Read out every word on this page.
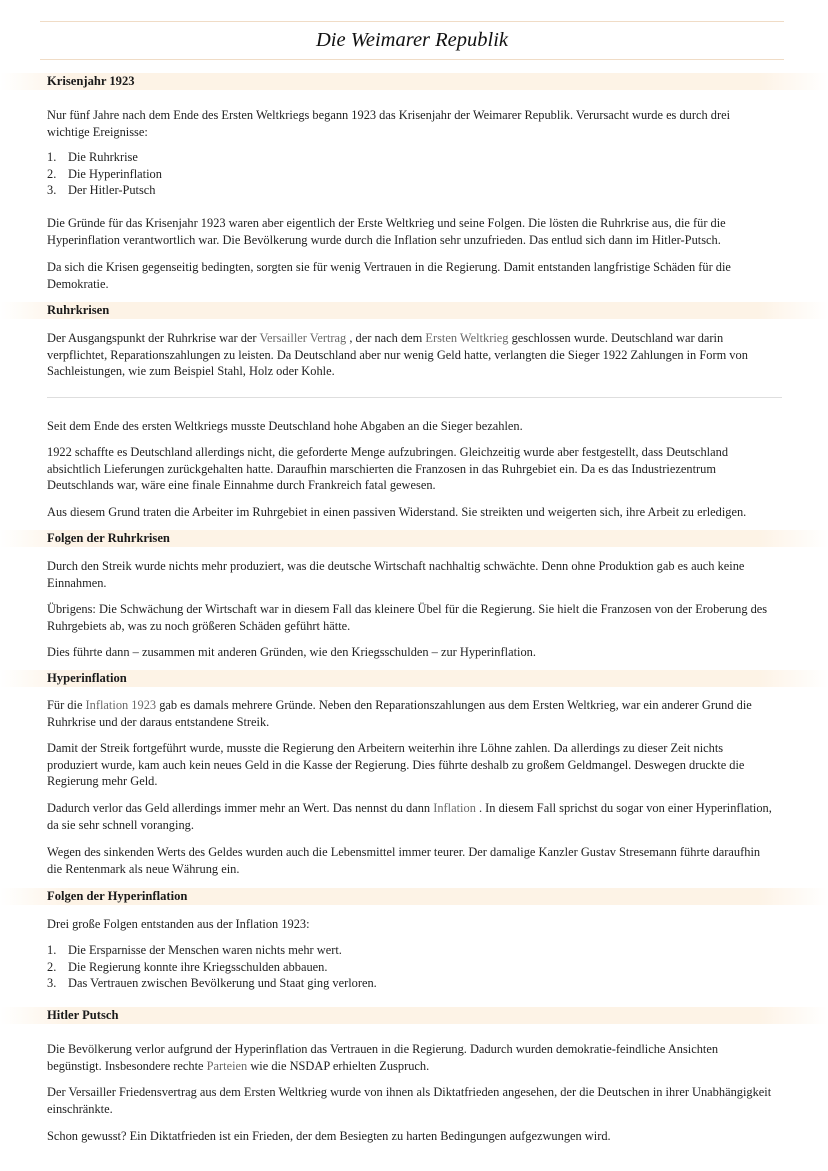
Die Weimarer Republik
Krisenjahr 1923

Nur fünf Jahre nach dem Ende des Ersten Weltkriegs begann 1923 das Krisenjahr der Weimarer Republik. Verursacht wurde es durch drei wichtige Ereignisse:

1. Die Ruhrkrise
2. Die Hyperinflation
3. Der Hitler-Putsch

Die Gründe für das Krisenjahr 1923 waren aber eigentlich der Erste Weltkrieg und seine Folgen. Die lösten die Ruhrkrise aus, die für die Hyperinflation verantwortlich war. Die Bevölkerung wurde durch die Inflation sehr unzufrieden. Das entlud sich dann im Hitler-Putsch.

Da sich die Krisen gegenseitig bedingten, sorgten sie für wenig Vertrauen in die Regierung. Damit entstanden langfristige Schäden für die Demokratie.

Ruhrkrisen

Der Ausgangspunkt der Ruhrkrise war der Versailler Vertrag , der nach dem Ersten Weltkrieg geschlossen wurde. Deutschland war darin verpflichtet, Reparationszahlungen zu leisten. Da Deutschland aber nur wenig Geld hatte, verlangten die Sieger 1922 Zahlungen in Form von Sachleistungen, wie zum Beispiel Stahl, Holz oder Kohle.

Seit dem Ende des ersten Weltkriegs musste Deutschland hohe Abgaben an die Sieger bezahlen.

1922 schaffte es Deutschland allerdings nicht, die geforderte Menge aufzubringen. Gleichzeitig wurde aber festgestellt, dass Deutschland absichtlich Lieferungen zurückgehalten hatte. Daraufhin marschierten die Franzosen in das Ruhrgebiet ein. Da es das Industriezentrum Deutschlands war, wäre eine finale Einnahme durch Frankreich fatal gewesen.

Aus diesem Grund traten die Arbeiter im Ruhrgebiet in einen passiven Widerstand. Sie streikten und weigerten sich, ihre Arbeit zu erledigen.

Folgen der Ruhrkrisen

Durch den Streik wurde nichts mehr produziert, was die deutsche Wirtschaft nachhaltig schwächte. Denn ohne Produktion gab es auch keine Einnahmen.

Übrigens: Die Schwächung der Wirtschaft war in diesem Fall das kleinere Übel für die Regierung. Sie hielt die Franzosen von der Eroberung des Ruhrgebiets ab, was zu noch größeren Schäden geführt hätte.

Dies führte dann – zusammen mit anderen Gründen, wie den Kriegsschulden – zur Hyperinflation.

Hyperinflation

Für die Inflation 1923 gab es damals mehrere Gründe. Neben den Reparationszahlungen aus dem Ersten Weltkrieg, war ein anderer Grund die Ruhrkrise und der daraus entstandene Streik.

Damit der Streik fortgeführt wurde, musste die Regierung den Arbeitern weiterhin ihre Löhne zahlen. Da allerdings zu dieser Zeit nichts produziert wurde, kam auch kein neues Geld in die Kasse der Regierung. Dies führte deshalb zu großem Geldmangel. Deswegen druckte die Regierung mehr Geld.

Dadurch verlor das Geld allerdings immer mehr an Wert. Das nennst du dann Inflation . In diesem Fall sprichst du sogar von einer Hyperinflation, da sie sehr schnell voranging.

Wegen des sinkenden Werts des Geldes wurden auch die Lebensmittel immer teurer. Der damalige Kanzler Gustav Stresemann führte daraufhin die Rentenmark als neue Währung ein.

Folgen der Hyperinflation

Drei große Folgen entstanden aus der Inflation 1923:

1. Die Ersparnisse der Menschen waren nichts mehr wert.
2. Die Regierung konnte ihre Kriegsschulden abbauen.
3. Das Vertrauen zwischen Bevölkerung und Staat ging verloren.
Hitler Putsch

Die Bevölkerung verlor aufgrund der Hyperinflation das Vertrauen in die Regierung. Dadurch wurden demokratie-feindliche Ansichten begünstigt. Insbesondere rechte Parteien wie die NSDAP erhielten Zuspruch.

Der Versailler Friedensvertrag aus dem Ersten Weltkrieg wurde von ihnen als Diktatfrieden angesehen, der die Deutschen in ihrer Unabhängigkeit einschränkte.

Schon gewusst? Ein Diktatfrieden ist ein Frieden, der dem Besiegten zu harten Bedingungen aufgezwungen wird.
